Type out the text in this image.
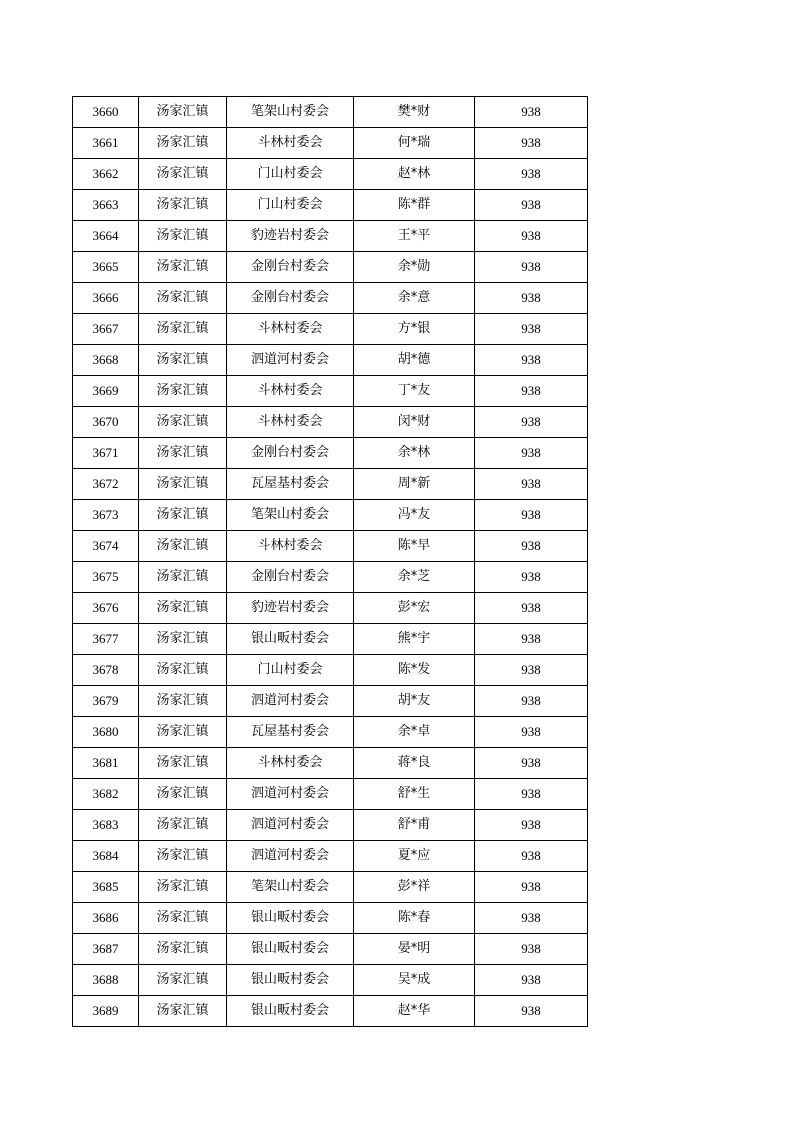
3660	汤家汇镇	笔架山村委会	樊*财	938
3661	汤家汇镇	斗林村委会	何*瑞	938
3662	汤家汇镇	门山村委会	赵*林	938
3663	汤家汇镇	门山村委会	陈*群	938
3664	汤家汇镇	豹迹岩村委会	王*平	938
3665	汤家汇镇	金刚台村委会	余*勋	938
3666	汤家汇镇	金刚台村委会	余*意	938
3667	汤家汇镇	斗林村委会	方*银	938
3668	汤家汇镇	泗道河村委会	胡*德	938
3669	汤家汇镇	斗林村委会	丁*友	938
3670	汤家汇镇	斗林村委会	闵*财	938
3671	汤家汇镇	金刚台村委会	余*林	938
3672	汤家汇镇	瓦屋基村委会	周*新	938
3673	汤家汇镇	笔架山村委会	冯*友	938
3674	汤家汇镇	斗林村委会	陈*早	938
3675	汤家汇镇	金刚台村委会	余*芝	938
3676	汤家汇镇	豹迹岩村委会	彭*宏	938
3677	汤家汇镇	银山畈村委会	熊*宇	938
3678	汤家汇镇	门山村委会	陈*发	938
3679	汤家汇镇	泗道河村委会	胡*友	938
3680	汤家汇镇	瓦屋基村委会	余*卓	938
3681	汤家汇镇	斗林村委会	蒋*良	938
3682	汤家汇镇	泗道河村委会	舒*生	938
3683	汤家汇镇	泗道河村委会	舒*甫	938
3684	汤家汇镇	泗道河村委会	夏*应	938
3685	汤家汇镇	笔架山村委会	彭*祥	938
3686	汤家汇镇	银山畈村委会	陈*春	938
3687	汤家汇镇	银山畈村委会	晏*明	938
3688	汤家汇镇	银山畈村委会	吴*成	938
3689	汤家汇镇	银山畈村委会	赵*华	938
